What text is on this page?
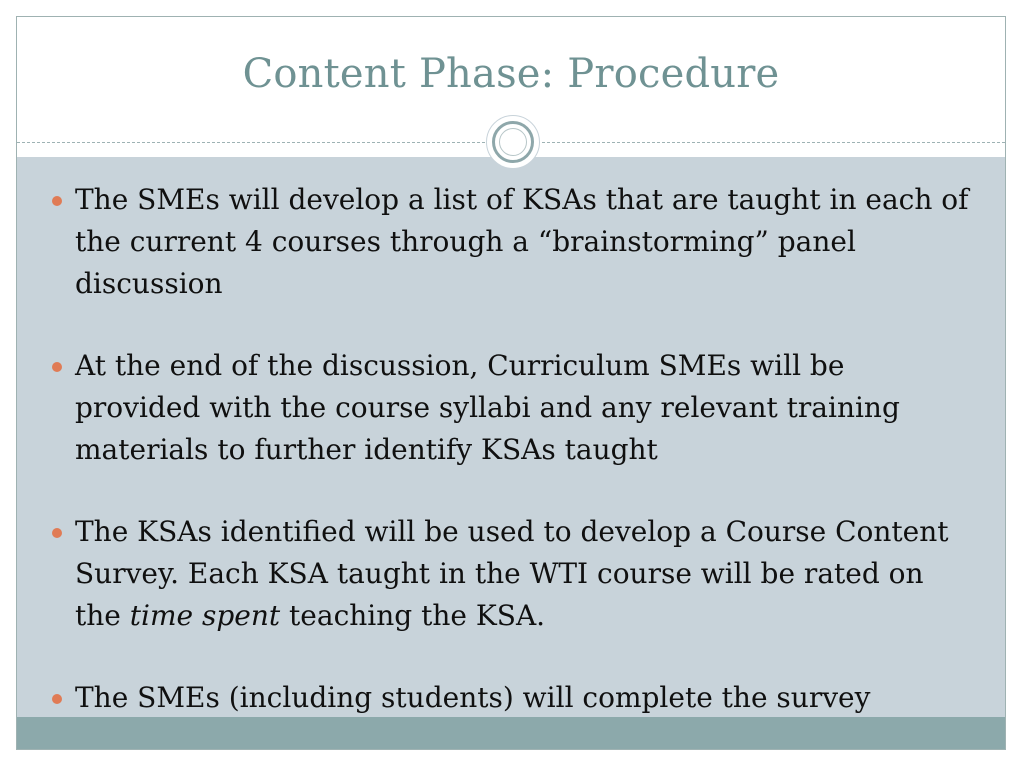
Content Phase: Procedure
The SMEs will develop a list of KSAs that are taught in each of the current 4 courses through a “brainstorming” panel discussion
At the end of the discussion, Curriculum SMEs will be provided with the course syllabi and any relevant training materials to further identify KSAs taught
The KSAs identified will be used to develop a Course Content Survey. Each KSA taught in the WTI course will be rated on the time spent teaching the KSA.
The SMEs (including students) will complete the survey
